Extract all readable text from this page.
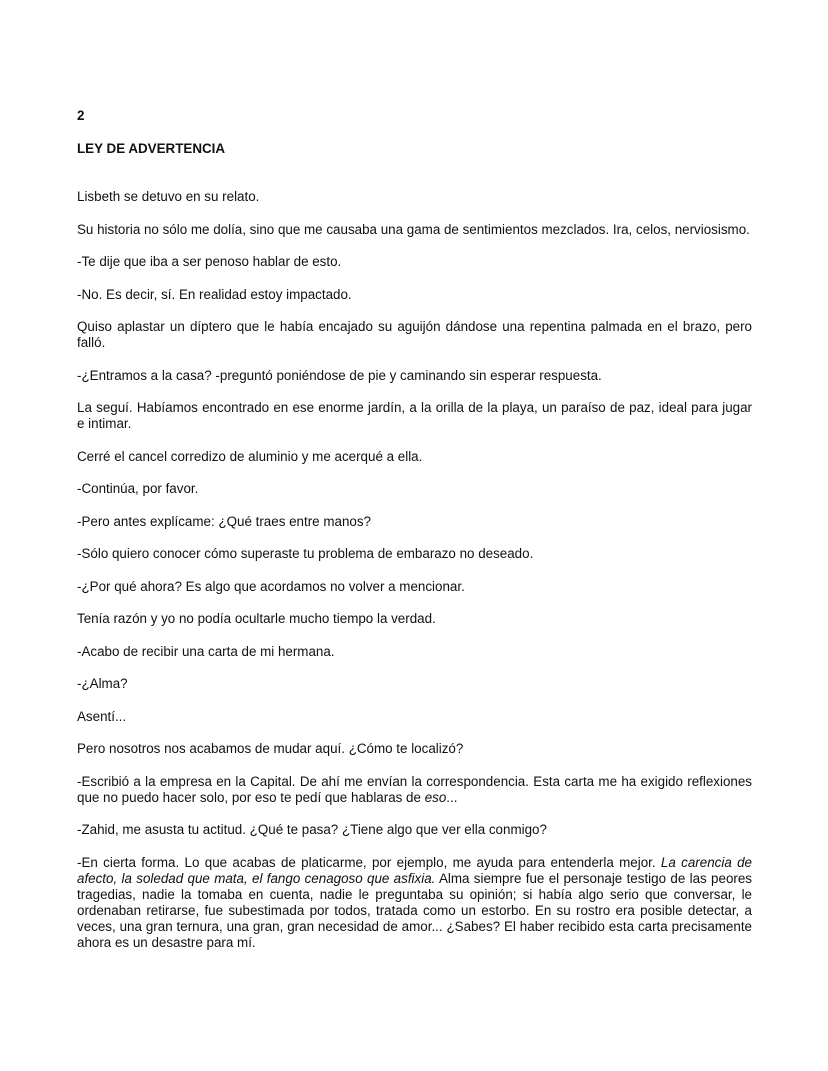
2
LEY DE ADVERTENCIA

Lisbeth se detuvo en su relato.

Su historia no sólo me dolía, sino que me causaba una gama de sentimientos mezclados. Ira, celos, nerviosismo.

-Te dije que iba a ser penoso hablar de esto.

-No. Es decir, sí. En realidad estoy impactado.

Quiso aplastar un díptero que le había encajado su aguijón dándose una repentina palmada en el brazo, pero falló.

-¿Entramos a la casa? -preguntó poniéndose de pie y caminando sin esperar respuesta.

La seguí. Habíamos encontrado en ese enorme jardín, a la orilla de la playa, un paraíso de paz, ideal para jugar e intimar.

Cerré el cancel corredizo de aluminio y me acerqué a ella.

-Continúa, por favor.

-Pero antes explícame: ¿Qué traes entre manos?

-Sólo quiero conocer cómo superaste tu problema de embarazo no deseado.

-¿Por qué ahora? Es algo que acordamos no volver a mencionar.

Tenía razón y yo no podía ocultarle mucho tiempo la verdad.

-Acabo de recibir una carta de mi hermana.

-¿Alma?

Asentí...

Pero nosotros nos acabamos de mudar aquí. ¿Cómo te localizó?

-Escribió a la empresa en la Capital. De ahí me envían la correspondencia. Esta carta me ha exigido reflexiones que no puedo hacer solo, por eso te pedí que hablaras de eso...

-Zahid, me asusta tu actitud. ¿Qué te pasa? ¿Tiene algo que ver ella conmigo?

-En cierta forma. Lo que acabas de platicarme, por ejemplo, me ayuda para entenderla mejor. La carencia de afecto, la soledad que mata, el fango cenagoso que asfixia. Alma siempre fue el personaje testigo de las peores tragedias, nadie la tomaba en cuenta, nadie le preguntaba su opinión; si había algo serio que conversar, le ordenaban retirarse, fue subestimada por todos, tratada como un estorbo. En su rostro era posible detectar, a veces, una gran ternura, una gran, gran necesidad de amor... ¿Sabes? El haber recibido esta carta precisamente ahora es un desastre para mí.
